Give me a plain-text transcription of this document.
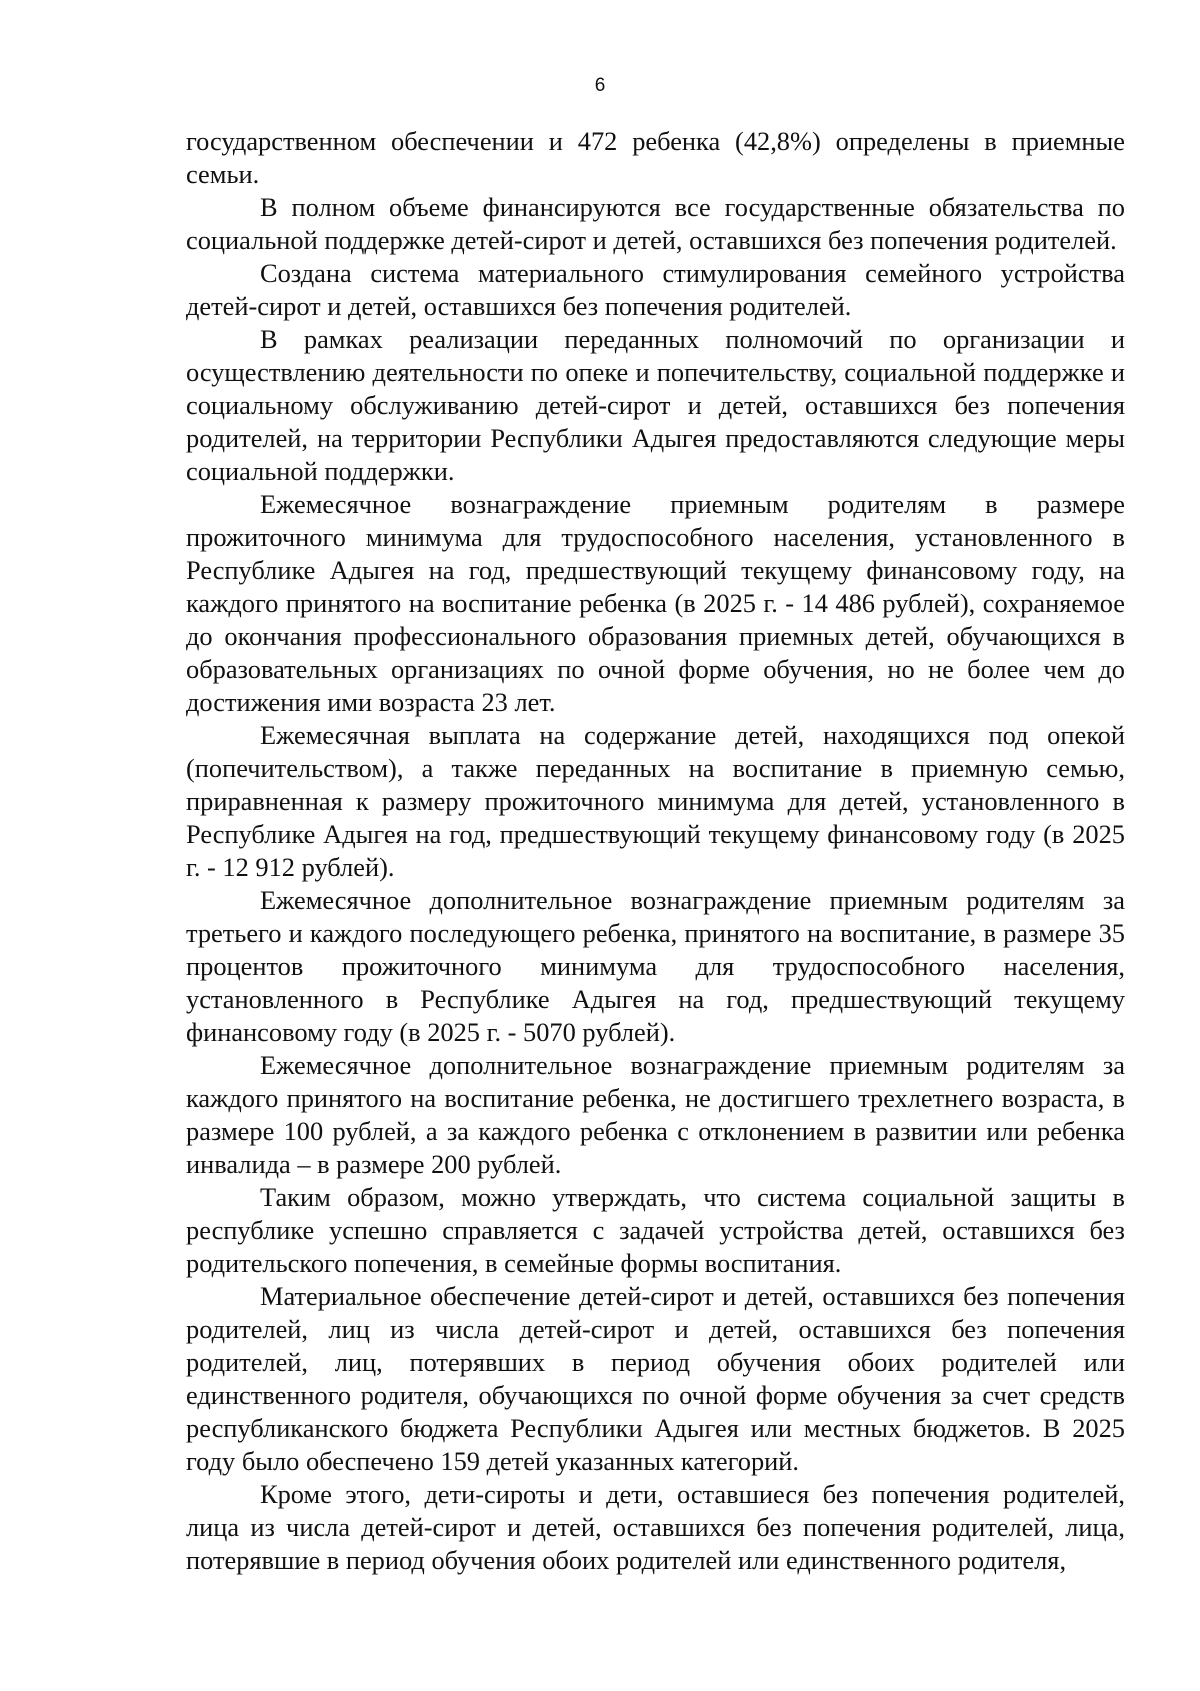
6

государственном обеспечении и 472 ребенка (42,8%) определены в приемные семьи.

В полном объеме финансируются все государственные обязательства по социальной поддержке детей-сирот и детей, оставшихся без попечения родителей.

Создана система материального стимулирования семейного устройства детей-сирот и детей, оставшихся без попечения родителей.

В рамках реализации переданных полномочий по организации и осуществлению деятельности по опеке и попечительству, социальной поддержке и социальному обслуживанию детей-сирот и детей, оставшихся без попечения родителей, на территории Республики Адыгея предоставляются следующие меры социальной поддержки.

Ежемесячное вознаграждение приемным родителям в размере прожиточного минимума для трудоспособного населения, установленного в Республике Адыгея на год, предшествующий текущему финансовому году, на каждого принятого на воспитание ребенка (в 2025 г. - 14 486 рублей), сохраняемое до окончания профессионального образования приемных детей, обучающихся в образовательных организациях по очной форме обучения, но не более чем до достижения ими возраста 23 лет.

Ежемесячная выплата на содержание детей, находящихся под опекой (попечительством), а также переданных на воспитание в приемную семью, приравненная к размеру прожиточного минимума для детей, установленного в Республике Адыгея на год, предшествующий текущему финансовому году (в 2025 г. - 12 912 рублей).

Ежемесячное дополнительное вознаграждение приемным родителям за третьего и каждого последующего ребенка, принятого на воспитание, в размере 35 процентов прожиточного минимума для трудоспособного населения, установленного в Республике Адыгея на год, предшествующий текущему финансовому году (в 2025 г. - 5070 рублей).

Ежемесячное дополнительное вознаграждение приемным родителям за каждого принятого на воспитание ребенка, не достигшего трехлетнего возраста, в размере 100 рублей, а за каждого ребенка с отклонением в развитии или ребенка инвалида – в размере 200 рублей.

Таким образом, можно утверждать, что система социальной защиты в республике успешно справляется с задачей устройства детей, оставшихся без родительского попечения, в семейные формы воспитания.

Материальное обеспечение детей-сирот и детей, оставшихся без попечения родителей, лиц из числа детей-сирот и детей, оставшихся без попечения родителей, лиц, потерявших в период обучения обоих родителей или единственного родителя, обучающихся по очной форме обучения за счет средств республиканского бюджета Республики Адыгея или местных бюджетов. В 2025 году было обеспечено 159 детей указанных категорий.

Кроме этого, дети-сироты и дети, оставшиеся без попечения родителей, лица из числа детей-сирот и детей, оставшихся без попечения родителей, лица, потерявшие в период обучения обоих родителей или единственного родителя,
